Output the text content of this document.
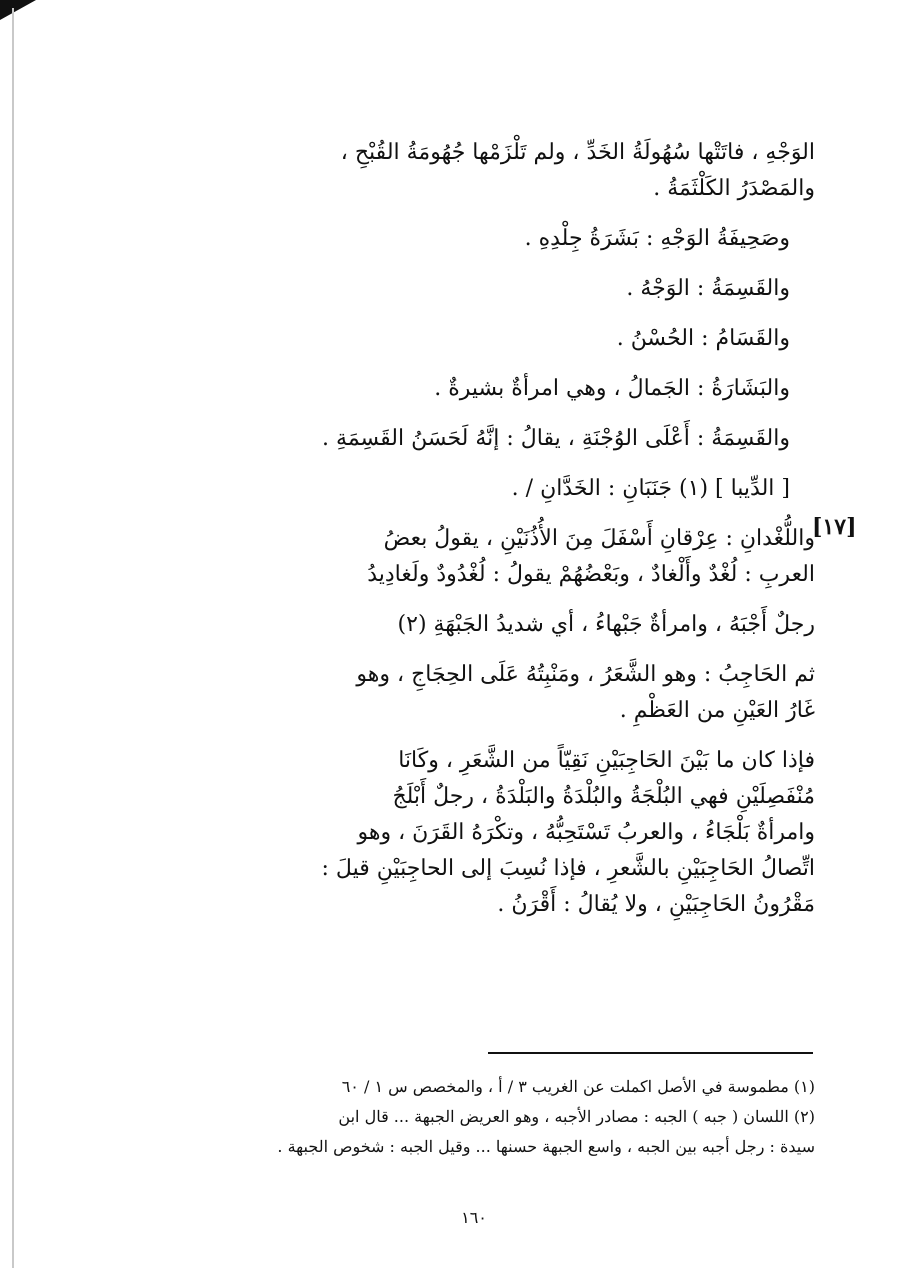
الوَجْهِ ، فاتَتْها سُهُولَةُ الخَدِّ ، ولم تَلْزَمْها جُهُومَةُ القُبْحِ ،

والمَصْدَرُ الكَلْثَمَةُ .

وصَحِيفَةُ الوَجْهِ : بَشَرَةُ جِلْدِهِ .

والقَسِمَةُ : الوَجْهُ .

والقَسَامُ : الحُسْنُ .

والبَشَارَةُ : الجَمالُ ، وهي امرأةٌ بشيرةٌ .

والقَسِمَةُ : أَعْلَى الوُجْنَةِ ، يقالُ : إنَّهُ لَحَسَنُ القَسِمَةِ .

[ الدِّيبا ] (١) جَنَبَانِ : الخَدَّانِ / .

واللُّغْدانِ : عِرْقانِ أَسْفَلَ مِنَ الأُذُنَيْنِ ، يقولُ بعضُ

العربِ : لُغْدٌ وأَلْغادٌ ، وبَعْضُهُمْ يقولُ : لُغْدُودٌ ولَغادِيدُ

رجلٌ أَجْبَهُ ، وامرأةٌ جَبْهاءُ ، أي شديدُ الجَبْهَةِ (٢)

ثم الحَاجِبُ : وهو الشَّعَرُ ، ومَنْبِتُهُ عَلَى الحِجَاجِ ، وهو

غَارُ العَيْنِ من العَظْمِ .

فإذا كان ما بَيْنَ الحَاجِبَيْنِ نَقِيّاً من الشَّعَرِ ، وكَانَا

مُنْفَصِلَيْنِ فهي البُلْجَةُ والبُلْدَةُ والبَلْدَةُ ، رجلٌ أَبْلَجُ

وامرأةٌ بَلْجَاءُ ، والعربُ تَسْتَحِبُّهُ ، وتكْرَهُ القَرَنَ ، وهو

اتِّصالُ الحَاجِبَيْنِ بالشَّعرِ ، فإذا نُسِبَ إلى الحاجِبَيْنِ قيلَ :

مَقْرُونُ الحَاجِبَيْنِ ، ولا يُقالُ : أَقْرَنُ .

[١٧]

(١) مطموسة في الأصل اكملت عن الغريب ٣ / أ ، والمخصص س ١ / ٦٠

(٢) اللسان ( جبه ) الجبه : مصادر الأجبه ، وهو العريض الجبهة ... قال ابن

سيدة : رجل أجبه بين الجبه ، واسع الجبهة حسنها ... وقيل الجبه : شخوص الجبهة .

١٦٠
